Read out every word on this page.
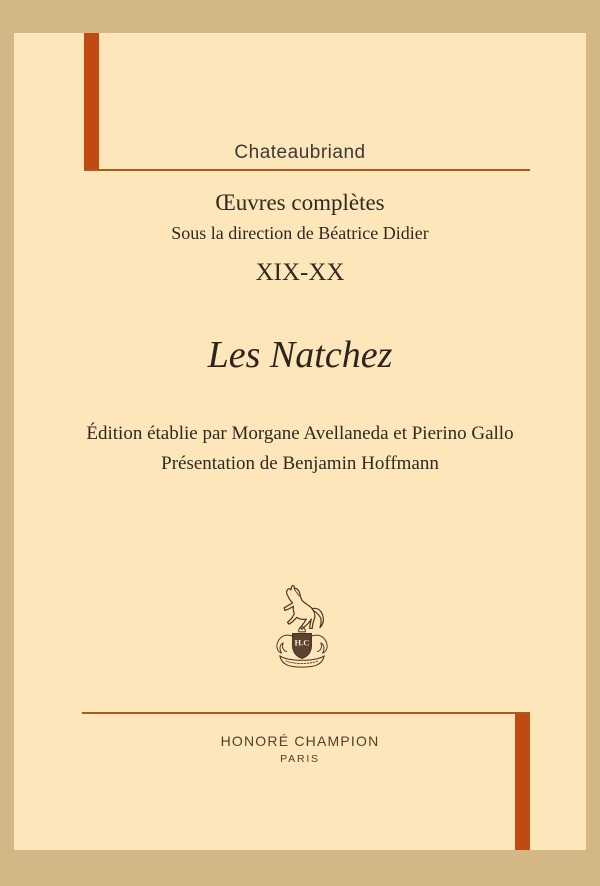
Chateaubriand
Œuvres complètes
Sous la direction de Béatrice Didier
XIX-XX
Les Natchez
Édition établie par Morgane Avellaneda et Pierino Gallo
Présentation de Benjamin Hoffmann
H.C
HONORÉ CHAMPION
PARIS
